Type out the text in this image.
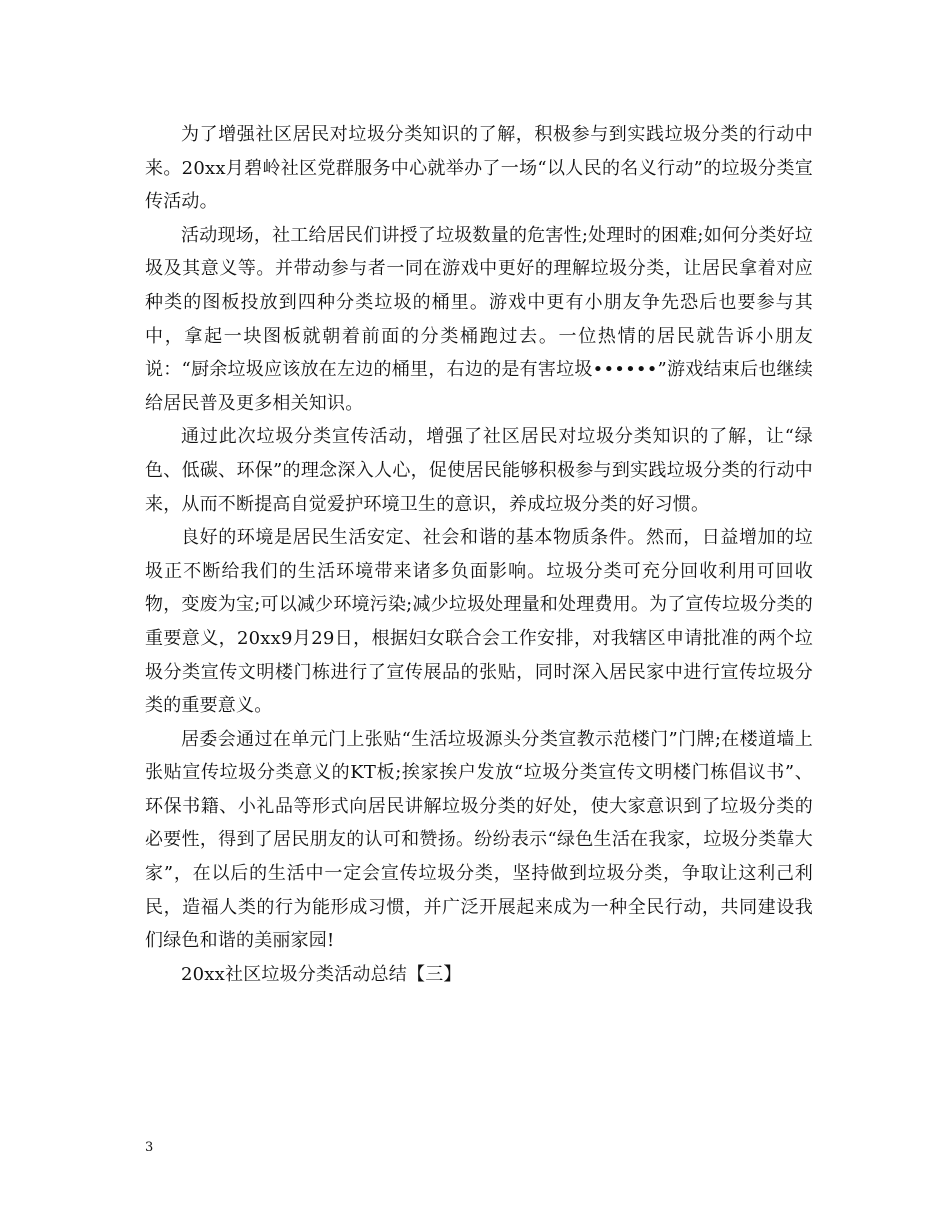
为了增强社区居民对垃圾分类知识的了解，积极参与到实践垃圾分类的行动中来。20xx月碧岭社区党群服务中心就举办了一场“以人民的名义行动”的垃圾分类宣传活动。

活动现场，社工给居民们讲授了垃圾数量的危害性;处理时的困难;如何分类好垃圾及其意义等。并带动参与者一同在游戏中更好的理解垃圾分类，让居民拿着对应种类的图板投放到四种分类垃圾的桶里。游戏中更有小朋友争先恐后也要参与其中，拿起一块图板就朝着前面的分类桶跑过去。一位热情的居民就告诉小朋友说：“厨余垃圾应该放在左边的桶里，右边的是有害垃圾••••••”游戏结束后也继续给居民普及更多相关知识。

通过此次垃圾分类宣传活动，增强了社区居民对垃圾分类知识的了解，让“绿色、低碳、环保”的理念深入人心，促使居民能够积极参与到实践垃圾分类的行动中来，从而不断提高自觉爱护环境卫生的意识，养成垃圾分类的好习惯。

良好的环境是居民生活安定、社会和谐的基本物质条件。然而，日益增加的垃圾正不断给我们的生活环境带来诸多负面影响。垃圾分类可充分回收利用可回收物，变废为宝;可以减少环境污染;减少垃圾处理量和处理费用。为了宣传垃圾分类的重要意义，20xx9月29日，根据妇女联合会工作安排，对我辖区申请批准的两个垃圾分类宣传文明楼门栋进行了宣传展品的张贴，同时深入居民家中进行宣传垃圾分类的重要意义。

居委会通过在单元门上张贴“生活垃圾源头分类宣教示范楼门”门牌;在楼道墙上张贴宣传垃圾分类意义的KT板;挨家挨户发放“垃圾分类宣传文明楼门栋倡议书”、环保书籍、小礼品等形式向居民讲解垃圾分类的好处，使大家意识到了垃圾分类的必要性，得到了居民朋友的认可和赞扬。纷纷表示“绿色生活在我家，垃圾分类靠大家”，在以后的生活中一定会宣传垃圾分类，坚持做到垃圾分类，争取让这利己利民，造福人类的行为能形成习惯，并广泛开展起来成为一种全民行动，共同建设我们绿色和谐的美丽家园!

20xx社区垃圾分类活动总结【三】

3
